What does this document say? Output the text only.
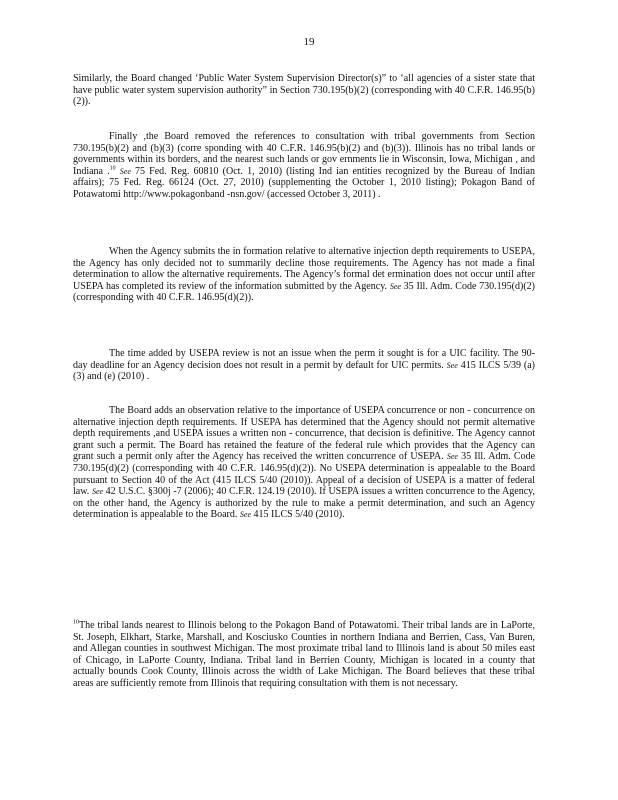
19

Similarly, the Board changed ‘Public Water System Supervision Director(s)” to ‘all agencies of a sister state that have public water system supervision authority” in Section 730.195(b)(2) (corresponding with 40 C.F.R. 146.95(b)(2)).

Finally ,the Board removed the references to consultation with tribal governments from Section 730.195(b)(2) and (b)(3) (corre sponding with 40 C.F.R. 146.95(b)(2) and (b)(3)). Illinois has no tribal lands or governments within its borders, and the nearest such lands or gov ernments lie in Wisconsin, Iowa, Michigan , and Indiana .$^{10}$ See 75 Fed. Reg. 60810 (Oct. 1, 2010) (listing Ind ian entities recognized by the Bureau of Indian affairs); 75 Fed. Reg. 66124 (Oct. 27, 2010) (supplementing the October 1, 2010 listing); Pokagon Band of Potawatomi http://www.pokagonband -nsn.gov/ (accessed October 3, 2011) .

When the Agency submits the in formation relative to alternative injection depth requirements to USEPA, the Agency has only decided not to summarily decline those requirements. The Agency has not made a final determination to allow the alternative requirements. The Agency’s formal det ermination does not occur until after USEPA has completed its review of the information submitted by the Agency. See 35 Ill. Adm. Code 730.195(d)(2) (corresponding with 40 C.F.R. 146.95(d)(2)).

The time added by USEPA review is not an issue when the perm it sought is for a UIC facility. The 90- day deadline for an Agency decision does not result in a permit by default for UIC permits. See 415 ILCS 5/39 (a)(3) and (e) (2010) .

The Board adds an observation relative to the importance of USEPA concurrence or non - concurrence on alternative injection depth requirements. If USEPA has determined that the Agency should not permit alternative depth requirements ,and USEPA issues a written non - concurrence, that decision is definitive. The Agency cannot grant such a permit. The Board has retained the feature of the federal rule which provides that the Agency can grant such a permit only after the Agency has received the written concurrence of USEPA. See 35 Ill. Adm. Code 730.195(d)(2) (corresponding with 40 C.F.R. 146.95(d)(2)). No USEPA determination is appealable to the Board pursuant to Section 40 of the Act (415 ILCS 5/40 (2010)). Appeal of a decision of USEPA is a matter of federal law. See 42 U.S.C. §300j -7 (2006); 40 C.F.R. 124.19 (2010). If USEPA issues a written concurrence to the Agency, on the other hand, the Agency is authorized by the rule to make a permit determination, and such an Agency determination is appealable to the Board. See 415 ILCS 5/40 (2010).

$^{10}$The tribal lands nearest to Illinois belong to the Pokagon Band of Potawatomi. Their tribal lands are in LaPorte, St. Joseph, Elkhart, Starke, Marshall, and Kosciusko Counties in northern Indiana and Berrien, Cass, Van Buren, and Allegan counties in southwest Michigan. The most proximate tribal land to Illinois land is about 50 miles east of Chicago, in LaPorte County, Indiana. Tribal land in Berrien County, Michigan is located in a county that actually bounds Cook County, Illinois across the width of Lake Michigan. The Board believes that these tribal areas are sufficiently remote from Illinois that requiring consultation with them is not necessary.
